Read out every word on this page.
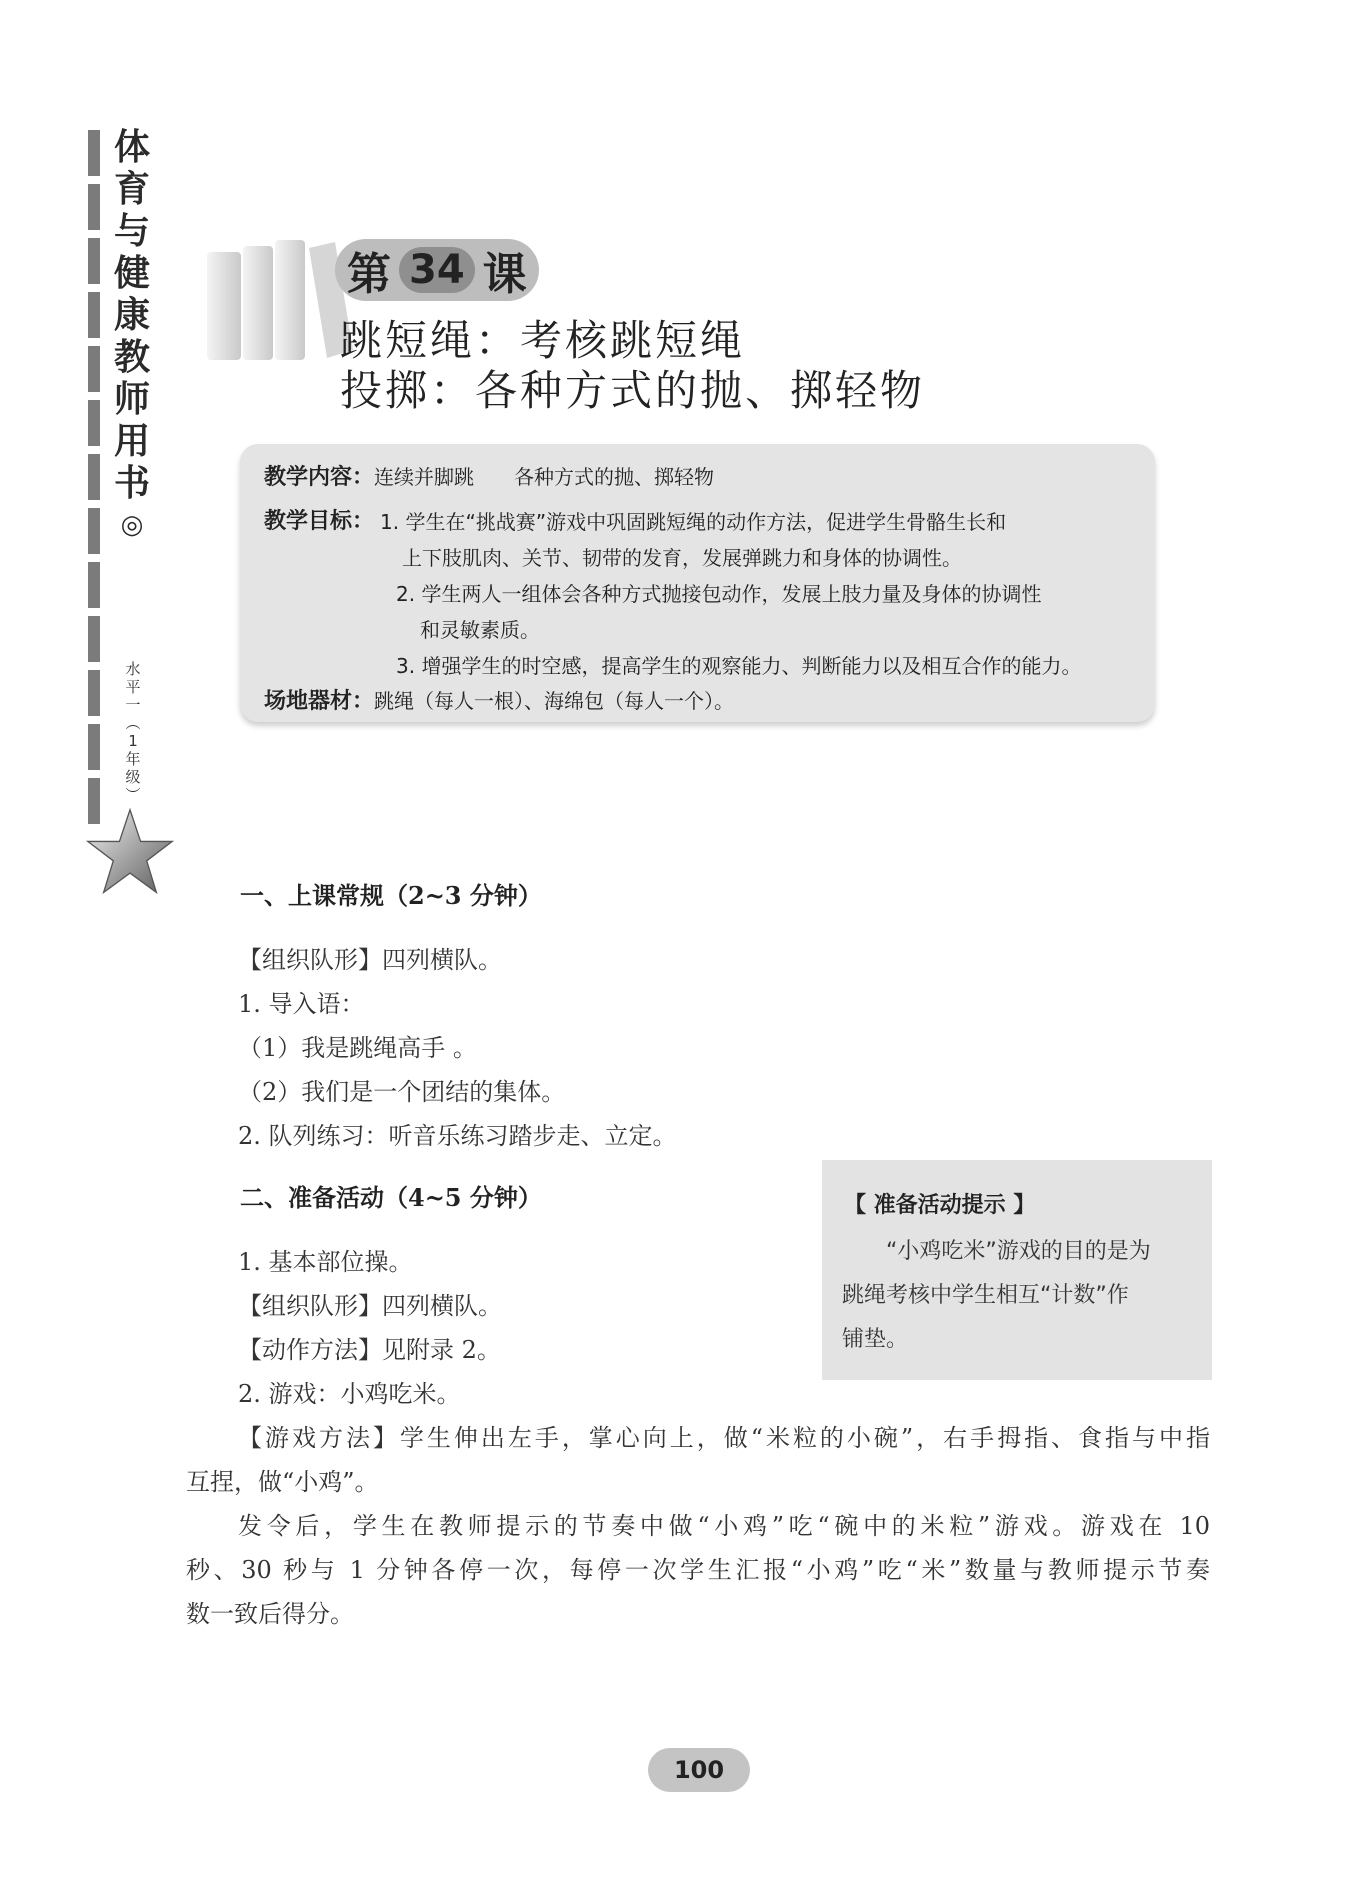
体
育
与
健
康
教
师
用
书
◎
水
平
一
︵
1
年
级
︶
第 34 课
跳短绳：考核跳短绳
投掷：各种方式的抛、掷轻物
教学内容：连续并脚跳　　各种方式的抛、掷轻物
教学目标： 1. 学生在“挑战赛”游戏中巩固跳短绳的动作方法，促进学生骨骼生长和
上下肢肌肉、关节、韧带的发育，发展弹跳力和身体的协调性。
2. 学生两人一组体会各种方式抛接包动作，发展上肢力量及身体的协调性
和灵敏素质。
3. 增强学生的时空感，提高学生的观察能力、判断能力以及相互合作的能力。
场地器材：跳绳（每人一根）、海绵包（每人一个）。
一、上课常规（2~3 分钟）
【组织队形】四列横队。
1. 导入语：
（1）我是跳绳高手 。
（2）我们是一个团结的集体。
2. 队列练习：听音乐练习踏步走、立定。
二、准备活动（4~5 分钟）
1. 基本部位操。
【组织队形】四列横队。
【动作方法】见附录 2。
2. 游戏：小鸡吃米。
【游戏方法】学生伸出左手，掌心向上，做“米粒的小碗”，右手拇指、食指与中指
互捏，做“小鸡”。
发令后，学生在教师提示的节奏中做“小鸡”吃“碗中的米粒”游戏。游戏在 10
秒、30 秒与 1 分钟各停一次，每停一次学生汇报“小鸡”吃“米”数量与教师提示节奏
数一致后得分。
【 准备活动提示 】
“小鸡吃米”游戏的目的是为
跳绳考核中学生相互“计数”作
铺垫。
100
